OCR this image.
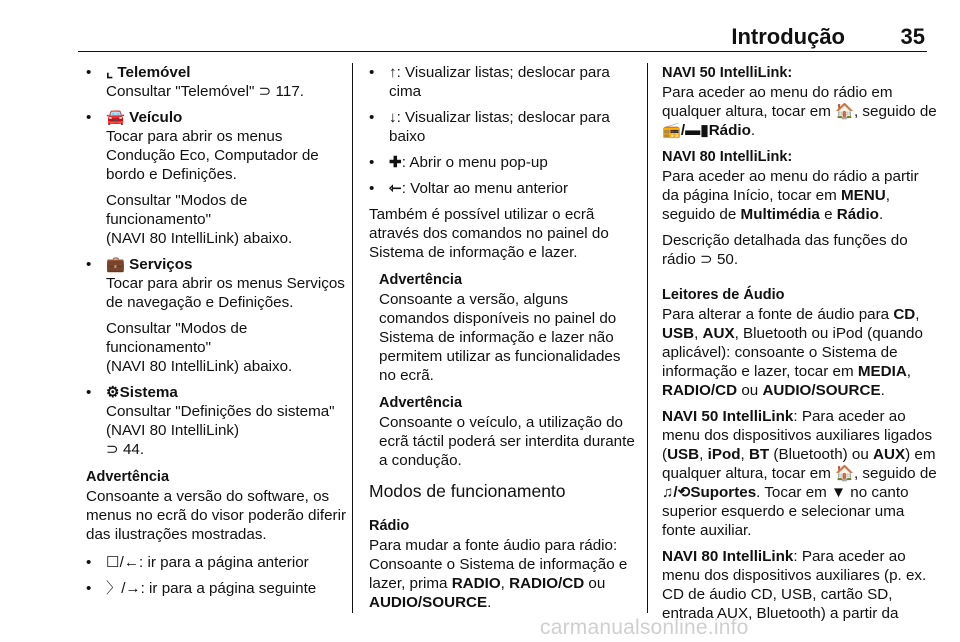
Introdução	35
• ⌞ Telemóvel
Consultar "Telemóvel" ⊃ 117.

• 🚘 Veículo
Tocar para abrir os menus Condução Eco, Computador de bordo e Definições.

Consultar "Modos de funcionamento"
(NAVI 80 IntelliLink) abaixo.

• 💼 Serviços
Tocar para abrir os menus Serviços de navegação e Definições.

Consultar "Modos de funcionamento"
(NAVI 80 IntelliLink) abaixo.

• ⚙Sistema
Consultar "Definições do sistema" (NAVI 80 IntelliLink)
⊃ 44.

Advertência
Consoante a versão do software, os menus no ecrã do visor poderão diferir das ilustrações mostradas.
• ☐/←: ir para a página anterior
• 〉/→: ir para a página seguinte
• ↑: Visualizar listas; deslocar para cima
• ↓: Visualizar listas; deslocar para baixo
• ✚: Abrir o menu pop-up
• ⇽: Voltar ao menu anterior

Também é possível utilizar o ecrã através dos comandos no painel do Sistema de informação e lazer.

Advertência
Consoante a versão, alguns comandos disponíveis no painel do Sistema de informação e lazer não permitem utilizar as funcionalidades no ecrã.
Advertência
Consoante o veículo, a utilização do ecrã táctil poderá ser interdita durante a condução.
Modos de funcionamento
Rádio

Para mudar a fonte áudio para rádio: Consoante o Sistema de informação e lazer, prima RADIO, RADIO/CD ou AUDIO/SOURCE.

NAVI 50 IntelliLink:
Para aceder ao menu do rádio em qualquer altura, tocar em 🏠, seguido de 📻/▬▮Rádio.

NAVI 80 IntelliLink:
Para aceder ao menu do rádio a partir da página Início, tocar em MENU, seguido de Multimédia e Rádio.

Descrição detalhada das funções do rádio ⊃ 50.

Leitores de Áudio
Para alterar a fonte de áudio para CD, USB, AUX, Bluetooth ou iPod (quando aplicável): consoante o Sistema de informação e lazer, tocar em MEDIA, RADIO/CD ou AUDIO/SOURCE.

NAVI 50 IntelliLink: Para aceder ao menu dos dispositivos auxiliares ligados (USB, iPod, BT (Bluetooth) ou AUX) em qualquer altura, tocar em 🏠, seguido de ♫/⟲Suportes. Tocar em ▼ no canto superior esquerdo e selecionar uma fonte auxiliar.

NAVI 80 IntelliLink: Para aceder ao menu dos dispositivos auxiliares (p. ex. CD de áudio CD, USB, cartão SD, entrada AUX, Bluetooth) a partir da

carmanualsonline.info
